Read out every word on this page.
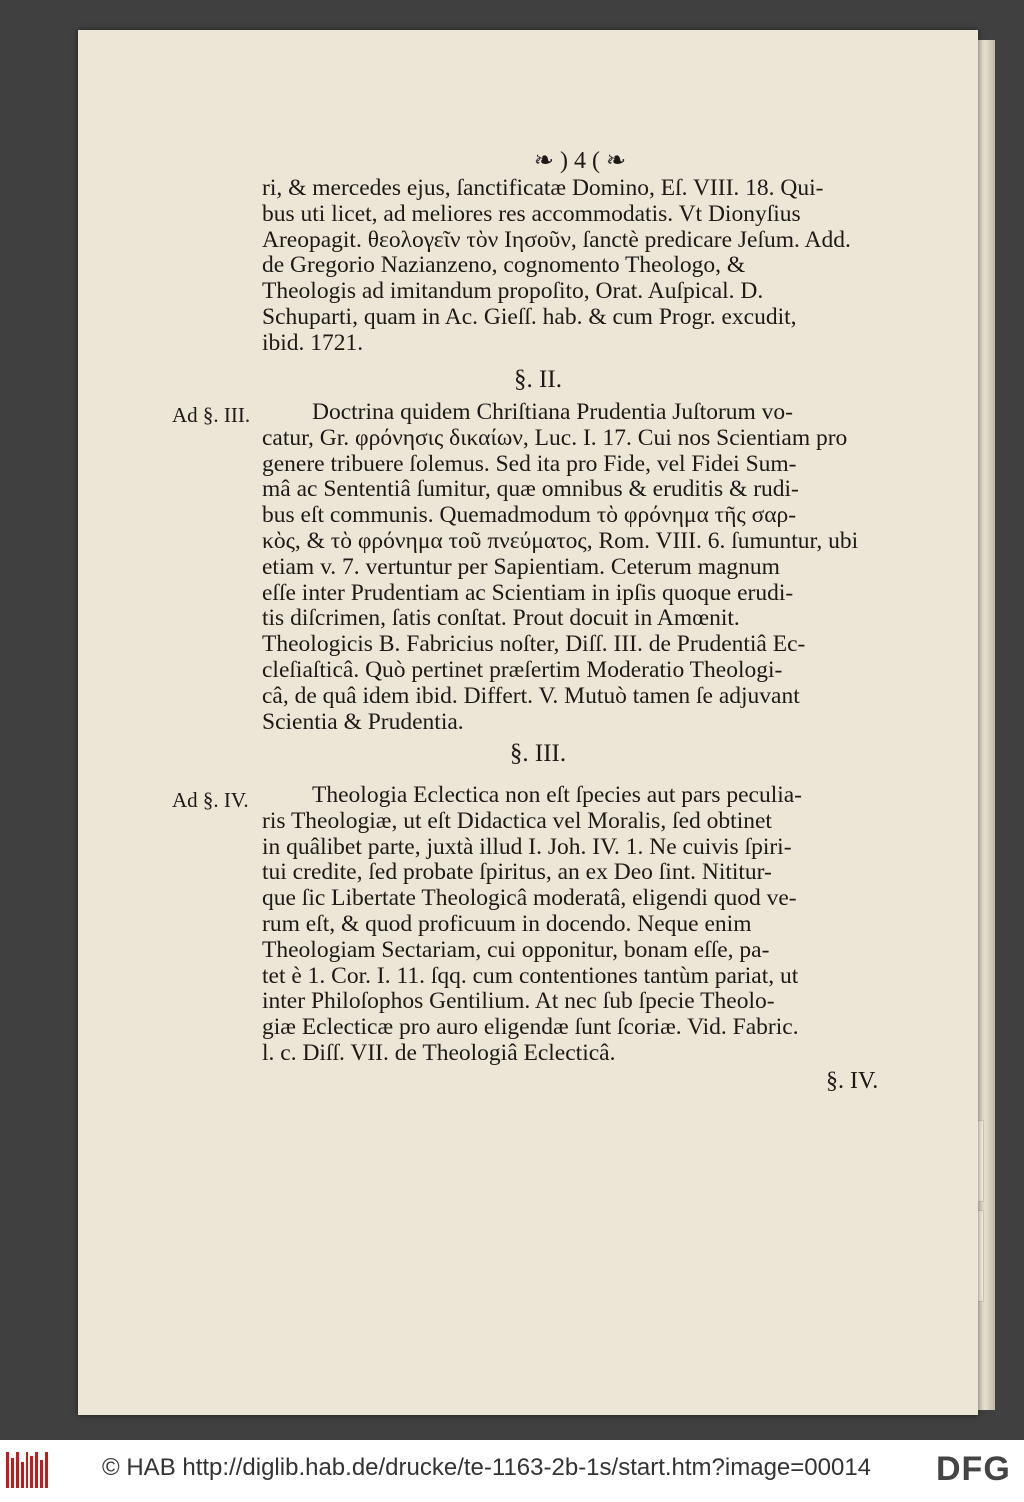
❧ ) 4 ( ❧

ri, & mercedes ejus, ſanctificatæ Domino, Eſ. VIII. 18. Qui-

bus uti licet, ad meliores res accommodatis. Vt Dionyſius

Areopagit. θεολογεῖν τὸν Ιησοῦν, ſanctè predicare Jeſum. Add.

de Gregorio Nazianzeno, cognomento Theologo, &

Theologis ad imitandum propoſito, Orat. Auſpical. D.

Schuparti, quam in Ac. Gieſſ. hab. & cum Progr. excudit,

ibid. 1721.

§. II.
Ad §. III.	Doctrina quidem Chriſtiana Prudentia Juſtorum vo-

catur, Gr. φρόνησις δικαίων, Luc. I. 17. Cui nos Scientiam pro

genere tribuere ſolemus. Sed ita pro Fide, vel Fidei Sum-

mâ ac Sententiâ ſumitur, quæ omnibus & eruditis & rudi-

bus eſt communis. Quemadmodum τὸ φρόνημα τῆς σαρ-

κὸς, & τὸ φρόνημα τοῦ πνεύματος, Rom. VIII. 6. ſumuntur, ubi

etiam v. 7. vertuntur per Sapientiam. Ceterum magnum

eſſe inter Prudentiam ac Scientiam in ipſis quoque erudi-

tis diſcrimen, ſatis conſtat. Prout docuit in Amœnit.

Theologicis B. Fabricius noſter, Diſſ. III. de Prudentiâ Ec-

cleſiaſticâ. Quò pertinet præſertim Moderatio Theologi-

câ, de quâ idem ibid. Differt. V. Mutuò tamen ſe adjuvant

Scientia & Prudentia.

§. III.
Ad §. IV.	Theologia Eclectica non eſt ſpecies aut pars peculia-

ris Theologiæ, ut eſt Didactica vel Moralis, ſed obtinet

in quâlibet parte, juxtà illud I. Joh. IV. 1. Ne cuivis ſpiri-

tui credite, ſed probate ſpiritus, an ex Deo ſint. Nititur-

que ſic Libertate Theologicâ moderatâ, eligendi quod ve-

rum eſt, & quod proficuum in docendo. Neque enim

Theologiam Sectariam, cui opponitur, bonam eſſe, pa-

tet è 1. Cor. I. 11. ſqq. cum contentiones tantùm pariat, ut

inter Philoſophos Gentilium. At nec ſub ſpecie Theolo-

giæ Eclecticæ pro auro eligendæ ſunt ſcoriæ. Vid. Fabric.

l. c. Diſſ. VII. de Theologiâ Eclecticâ.

§. IV.
© HAB http://diglib.hab.de/drucke/te-1163-2b-1s/start.htm?image=00014 DFG
